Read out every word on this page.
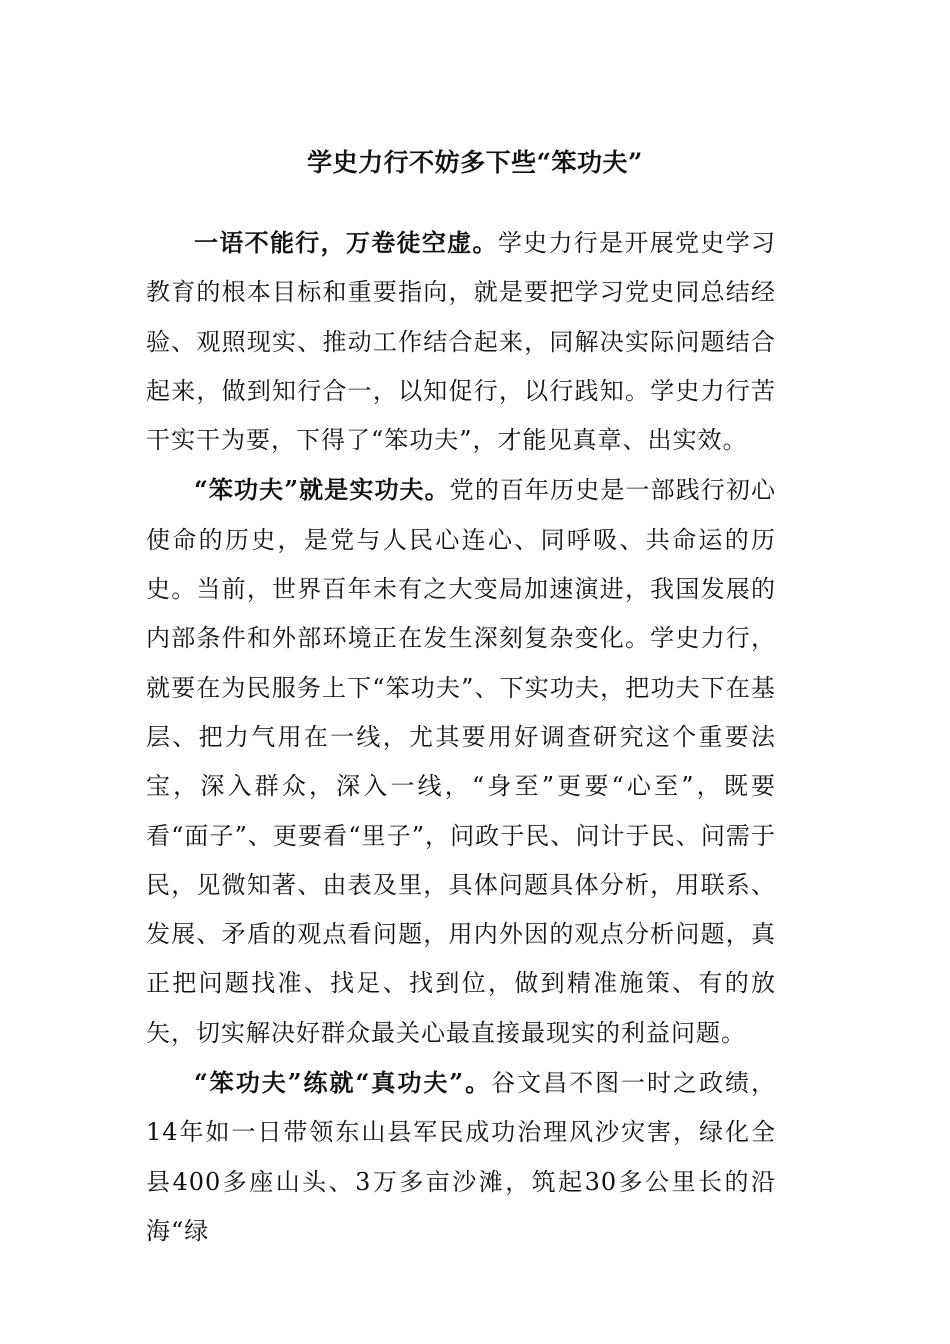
学史力行不妨多下些“笨功夫”

一语不能行，万卷徒空虚。学史力行是开展党史学习教育的根本目标和重要指向，就是要把学习党史同总结经验、观照现实、推动工作结合起来，同解决实际问题结合起来，做到知行合一，以知促行，以行践知。学史力行苦干实干为要，下得了“笨功夫”，才能见真章、出实效。

“笨功夫”就是实功夫。党的百年历史是一部践行初心使命的历史，是党与人民心连心、同呼吸、共命运的历史。当前，世界百年未有之大变局加速演进，我国发展的内部条件和外部环境正在发生深刻复杂变化。学史力行，就要在为民服务上下“笨功夫”、下实功夫，把功夫下在基层、把力气用在一线，尤其要用好调查研究这个重要法宝，深入群众，深入一线，“身至”更要“心至”，既要看“面子”、更要看“里子”，问政于民、问计于民、问需于民，见微知著、由表及里，具体问题具体分析，用联系、发展、矛盾的观点看问题，用内外因的观点分析问题，真正把问题找准、找足、找到位，做到精准施策、有的放矢，切实解决好群众最关心最直接最现实的利益问题。

“笨功夫”练就“真功夫”。谷文昌不图一时之政绩，14年如一日带领东山县军民成功治理风沙灾害，绿化全县400多座山头、3万多亩沙滩，筑起30多公里长的沿海“绿
